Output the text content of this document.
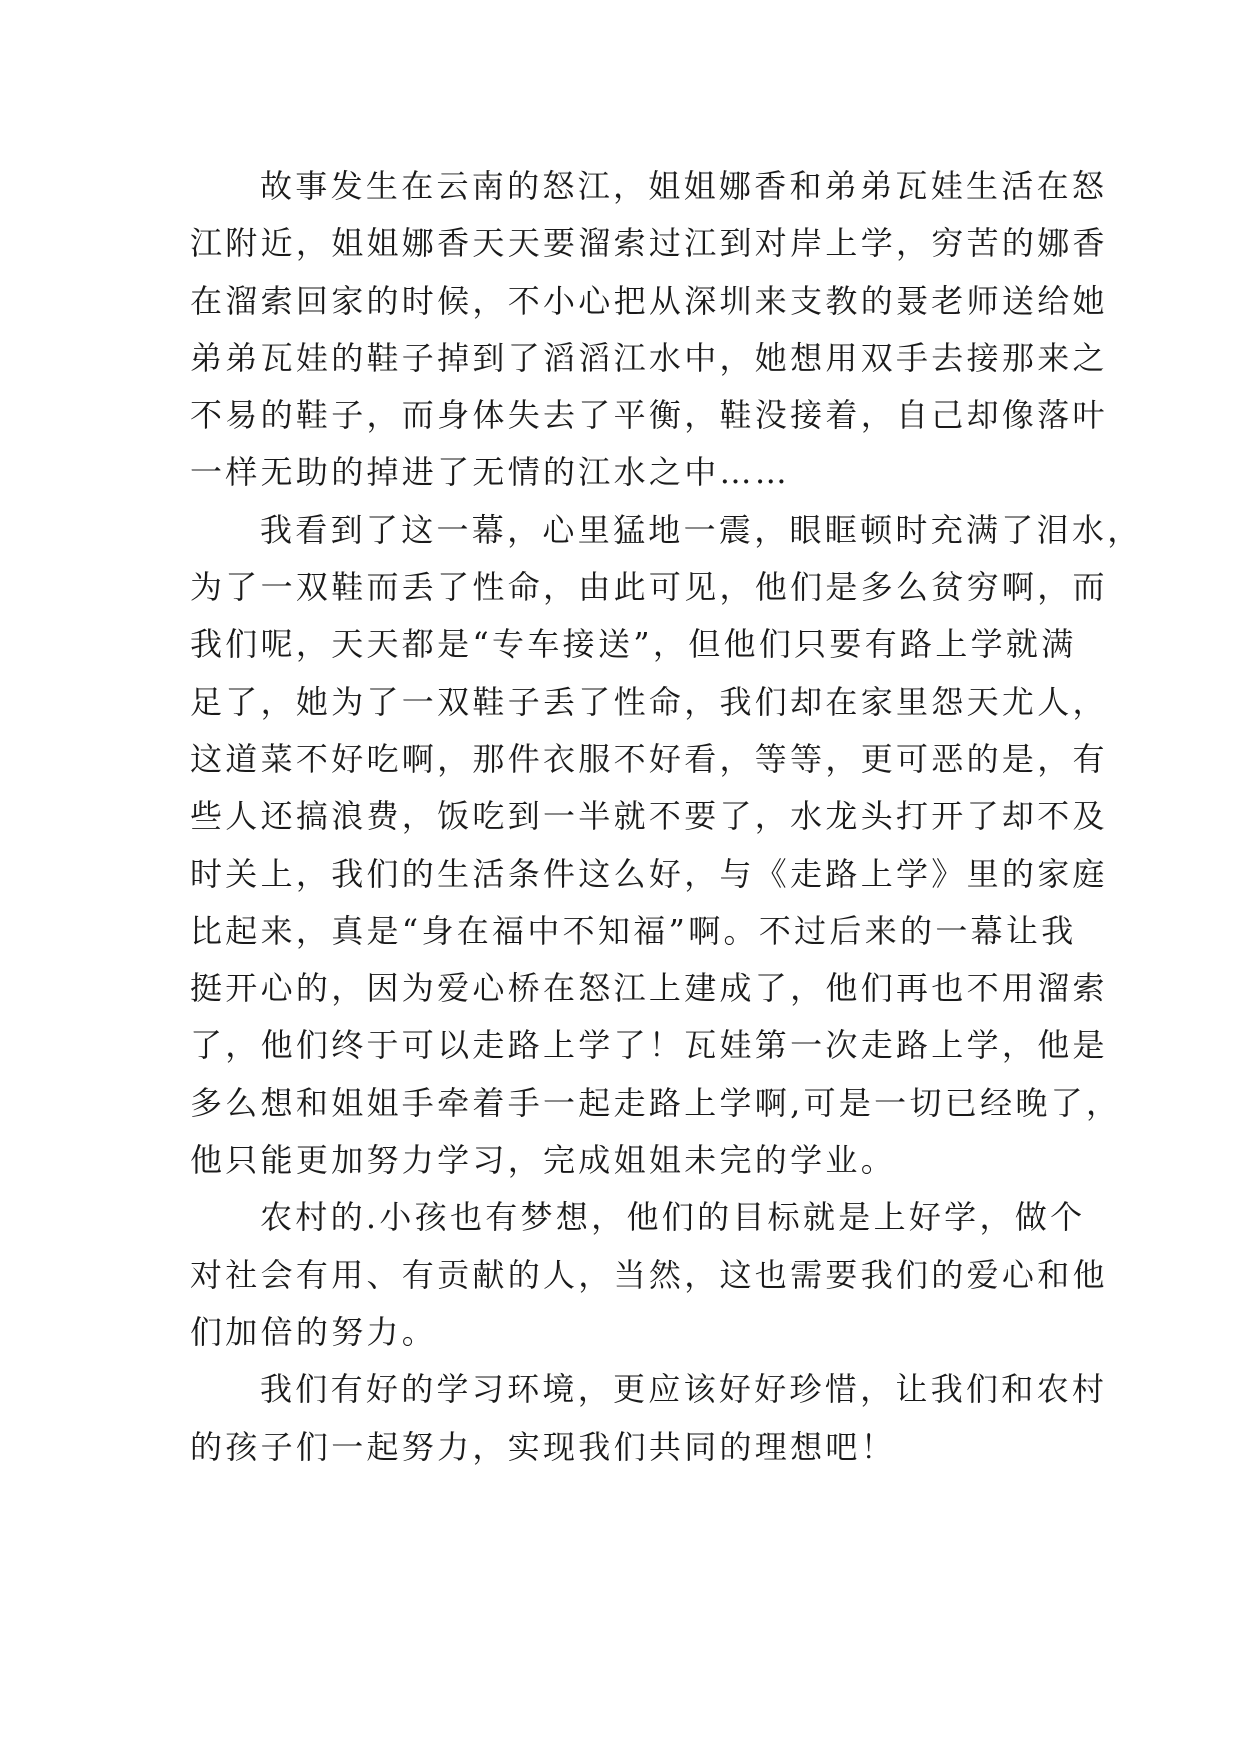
故事发生在云南的怒江，姐姐娜香和弟弟瓦娃生活在怒
江附近，姐姐娜香天天要溜索过江到对岸上学，穷苦的娜香
在溜索回家的时候，不小心把从深圳来支教的聂老师送给她
弟弟瓦娃的鞋子掉到了滔滔江水中，她想用双手去接那来之
不易的鞋子，而身体失去了平衡，鞋没接着，自己却像落叶
一样无助的掉进了无情的江水之中……
我看到了这一幕，心里猛地一震，眼眶顿时充满了泪水，
为了一双鞋而丢了性命，由此可见，他们是多么贫穷啊，而
我们呢，天天都是“专车接送”，但他们只要有路上学就满
足了，她为了一双鞋子丢了性命，我们却在家里怨天尤人，
这道菜不好吃啊，那件衣服不好看，等等，更可恶的是，有
些人还搞浪费，饭吃到一半就不要了，水龙头打开了却不及
时关上，我们的生活条件这么好，与《走路上学》里的家庭
比起来，真是“身在福中不知福”啊。不过后来的一幕让我
挺开心的，因为爱心桥在怒江上建成了，他们再也不用溜索
了，他们终于可以走路上学了！瓦娃第一次走路上学，他是
多么想和姐姐手牵着手一起走路上学啊,可是一切已经晚了，
他只能更加努力学习，完成姐姐未完的学业。
农村的.小孩也有梦想，他们的目标就是上好学，做个
对社会有用、有贡献的人，当然，这也需要我们的爱心和他
们加倍的努力。
我们有好的学习环境，更应该好好珍惜，让我们和农村
的孩子们一起努力，实现我们共同的理想吧！
